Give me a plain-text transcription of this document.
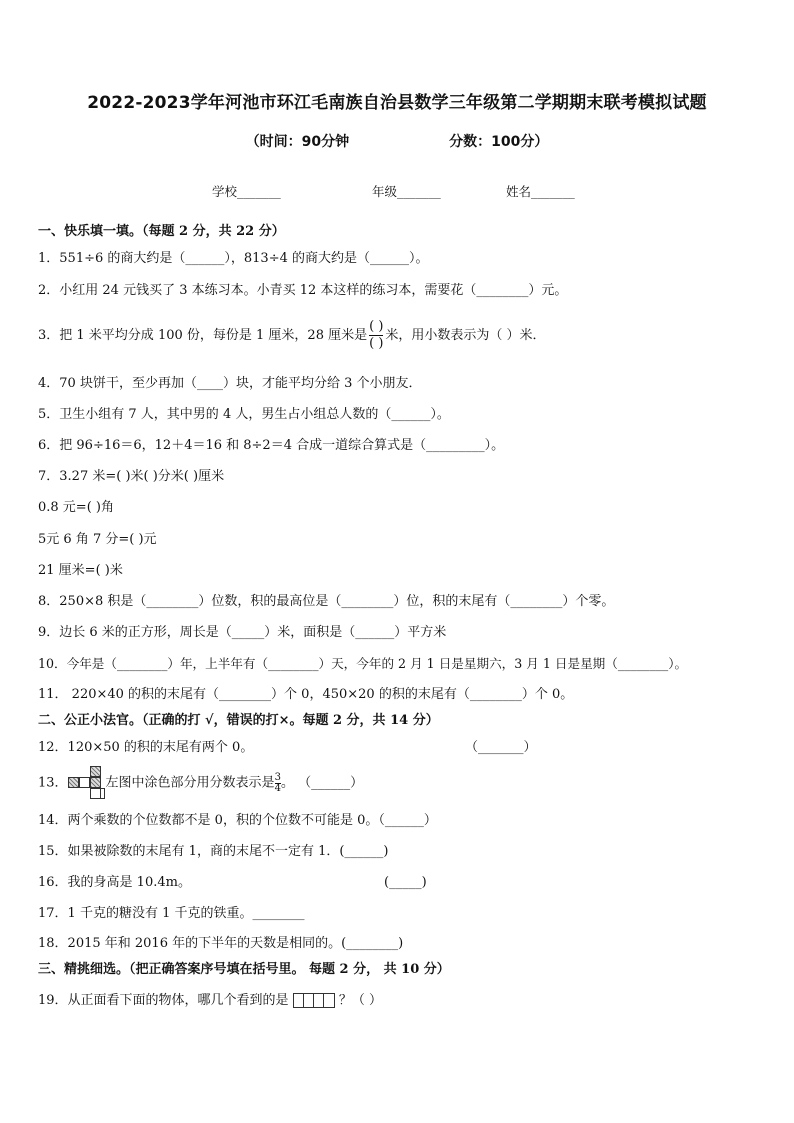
2022-2023学年河池市环江毛南族自治县数学三年级第二学期期末联考模拟试题
（时间：90分钟	分数：100分）
学校_______	年级_______	姓名_______
一、快乐填一填。（每题 2 分，共 22 分）
1．551÷6 的商大约是（______），813÷4 的商大约是（______）。
2．小红用 24 元钱买了 3 本练习本。小青买 12 本这样的练习本，需要花（________）元。
3．把 1 米平均分成 100 份，每份是 1 厘米，28 厘米是 $\frac{( )}{( )}$ 米，用小数表示为（ ）米．
4．70 块饼干，至少再加（____）块，才能平均分给 3 个小朋友．
5．卫生小组有 7 人，其中男的 4 人，男生占小组总人数的（______）。
6．把 96÷16＝6，12＋4＝16 和 8÷2＝4 合成一道综合算式是（_________）。
7．3.27 米=( )米( )分米( )厘米
0.8 元=( )角
5元 6 角 7 分=( )元
21 厘米=( )米
8．250×8 积是（________）位数，积的最高位是（________）位，积的末尾有（________）个零。
9．边长 6 米的正方形，周长是（_____）米，面积是（______）平方米
10．今年是（________）年，上半年有（________）天，今年的 2 月 1 日是星期六，3 月 1 日是星期（________）。
11． 220×40 的积的末尾有（________）个 0，450×20 的积的末尾有（________）个 0。
二、公正小法官。（正确的打 √，错误的打×。每题 2 分，共 14 分）
12．120×50 的积的末尾有两个 0。	（_______）
13．	左图中涂色部分用分数表示是$\frac{3}{4}$。 （______）
14．两个乘数的个位数都不是 0，积的个位数不可能是 0。（______）
15．如果被除数的末尾有 1，商的末尾不一定有 1．(______)
16．我的身高是 10.4m。	(_____)
17．1 千克的糖没有 1 千克的铁重。________
18．2015 年和 2016 年的下半年的天数是相同的。(________)
三、精挑细选。（把正确答案序号填在括号里。 每题 2 分， 共 10 分）
19．从正面看下面的物体，哪几个看到的是	？（ ）
